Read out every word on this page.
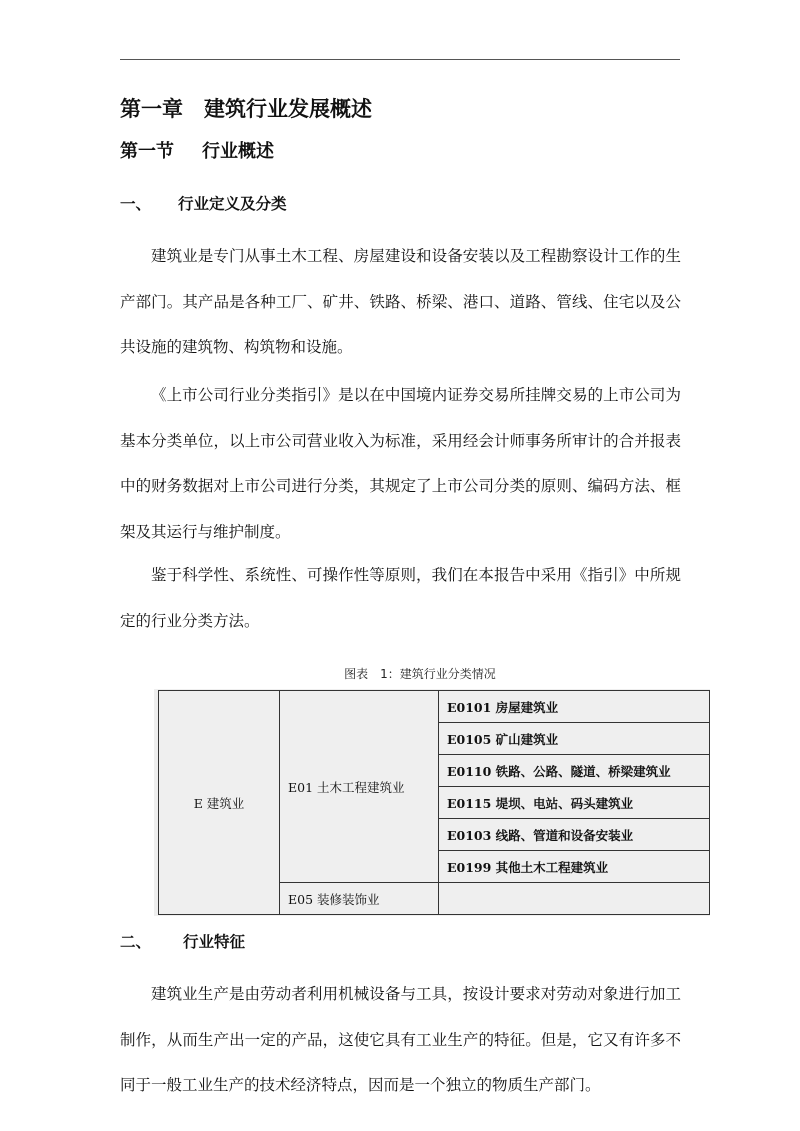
第一章　建筑行业发展概述
第一节 行业概述
一、 行业定义及分类

建筑业是专门从事土木工程、房屋建设和设备安装以及工程勘察设计工作的生产部门。其产品是各种工厂、矿井、铁路、桥梁、港口、道路、管线、住宅以及公共设施的建筑物、构筑物和设施。

《上市公司行业分类指引》是以在中国境内证券交易所挂牌交易的上市公司为基本分类单位，以上市公司营业收入为标准，采用经会计师事务所审计的合并报表中的财务数据对上市公司进行分类，其规定了上市公司分类的原则、编码方法、框架及其运行与维护制度。

鉴于科学性、系统性、可操作性等原则，我们在本报告中采用《指引》中所规定的行业分类方法。

图表　1：建筑行业分类情况
E 建筑业	E01 土木工程建筑业	E0101 房屋建筑业
		E0105 矿山建筑业
		E0110 铁路、公路、隧道、桥梁建筑业
		E0115 堤坝、电站、码头建筑业
		E0103 线路、管道和设备安装业
		E0199 其他土木工程建筑业
	E05 装修装饰业	
二、 行业特征

建筑业生产是由劳动者利用机械设备与工具，按设计要求对劳动对象进行加工制作，从而生产出一定的产品，这使它具有工业生产的特征。但是，它又有许多不同于一般工业生产的技术经济特点，因而是一个独立的物质生产部门。
